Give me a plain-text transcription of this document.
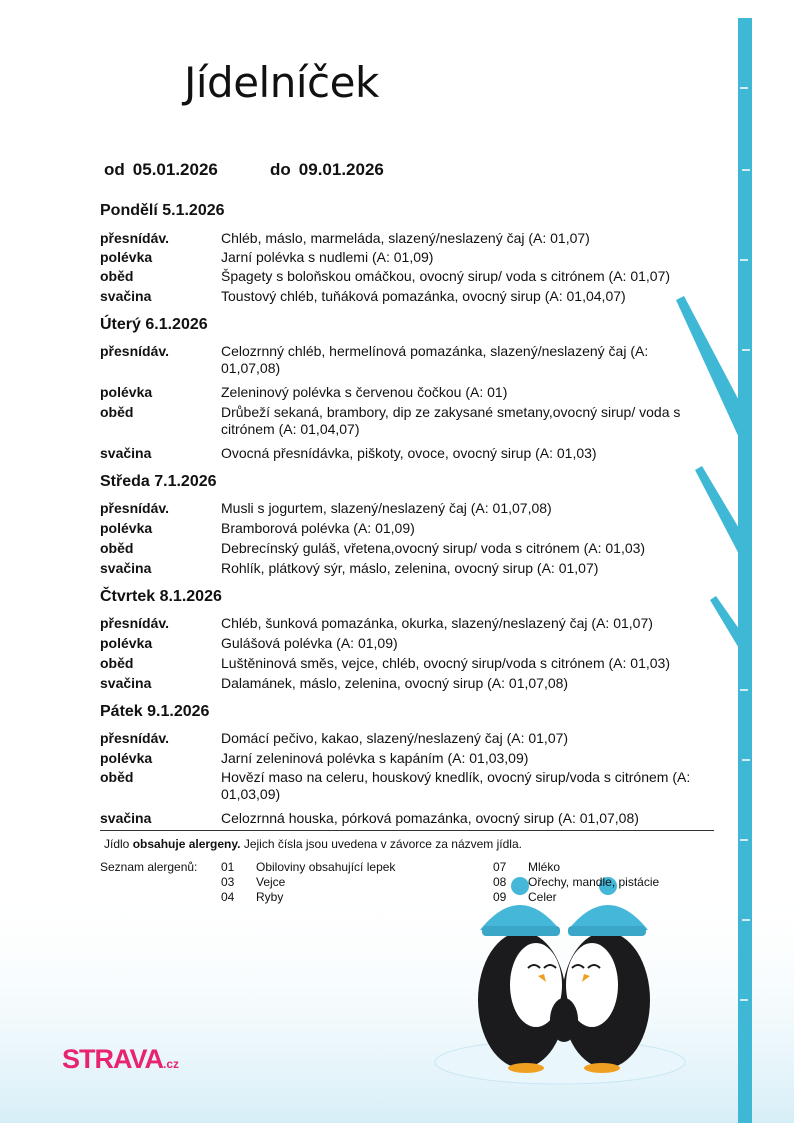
Jídelníček
od 05.01.2026	do 09.01.2026
Pondělí 5.1.2026
přesnídáv.	Chléb, máslo, marmeláda, slazený/neslazený čaj (A: 01,07)
polévka	Jarní polévka s nudlemi (A: 01,09)
oběd	Špagety s boloňskou omáčkou, ovocný sirup/ voda s citrónem (A: 01,07)
svačina	Toustový chléb, tuňáková pomazánka, ovocný sirup (A: 01,04,07)
Úterý 6.1.2026
přesnídáv.	Celozrnný chléb, hermelínová pomazánka, slazený/neslazený čaj (A: 01,07,08)
polévka	Zeleninový polévka s červenou čočkou (A: 01)
oběd	Drůbeží sekaná, brambory, dip ze zakysané smetany,ovocný sirup/ voda s citrónem (A: 01,04,07)
svačina	Ovocná přesnídávka, piškoty, ovoce, ovocný sirup (A: 01,03)
Středa 7.1.2026
přesnídáv.	Musli s jogurtem, slazený/neslazený čaj (A: 01,07,08)
polévka	Bramborová polévka (A: 01,09)
oběd	Debrecínský guláš, vřetena,ovocný sirup/ voda s citrónem (A: 01,03)
svačina	Rohlík, plátkový sýr, máslo, zelenina, ovocný sirup (A: 01,07)
Čtvrtek 8.1.2026
přesnídáv.	Chléb, šunková pomazánka, okurka, slazený/neslazený čaj (A: 01,07)
polévka	Gulášová polévka (A: 01,09)
oběd	Luštěninová směs, vejce, chléb, ovocný sirup/voda s citrónem (A: 01,03)
svačina	Dalamánek, máslo, zelenina, ovocný sirup (A: 01,07,08)
Pátek 9.1.2026
přesnídáv.	Domácí pečivo, kakao, slazený/neslazený čaj (A: 01,07)
polévka	Jarní zeleninová polévka s kapáním (A: 01,03,09)
oběd	Hovězí maso na celeru, houskový knedlík, ovocný sirup/voda s citrónem (A: 01,03,09)
svačina	Celozrnná houska, pórková pomazánka, ovocný sirup (A: 01,07,08)
Jídlo obsahuje alergeny. Jejich čísla jsou uvedena v závorce za názvem jídla.
Seznam alergenů: 01 Obiloviny obsahující lepek
03 Vejce
04 Ryby
07 Mléko
08 Ořechy, mandle, pistácie
09 Celer
STRAVA.cz
